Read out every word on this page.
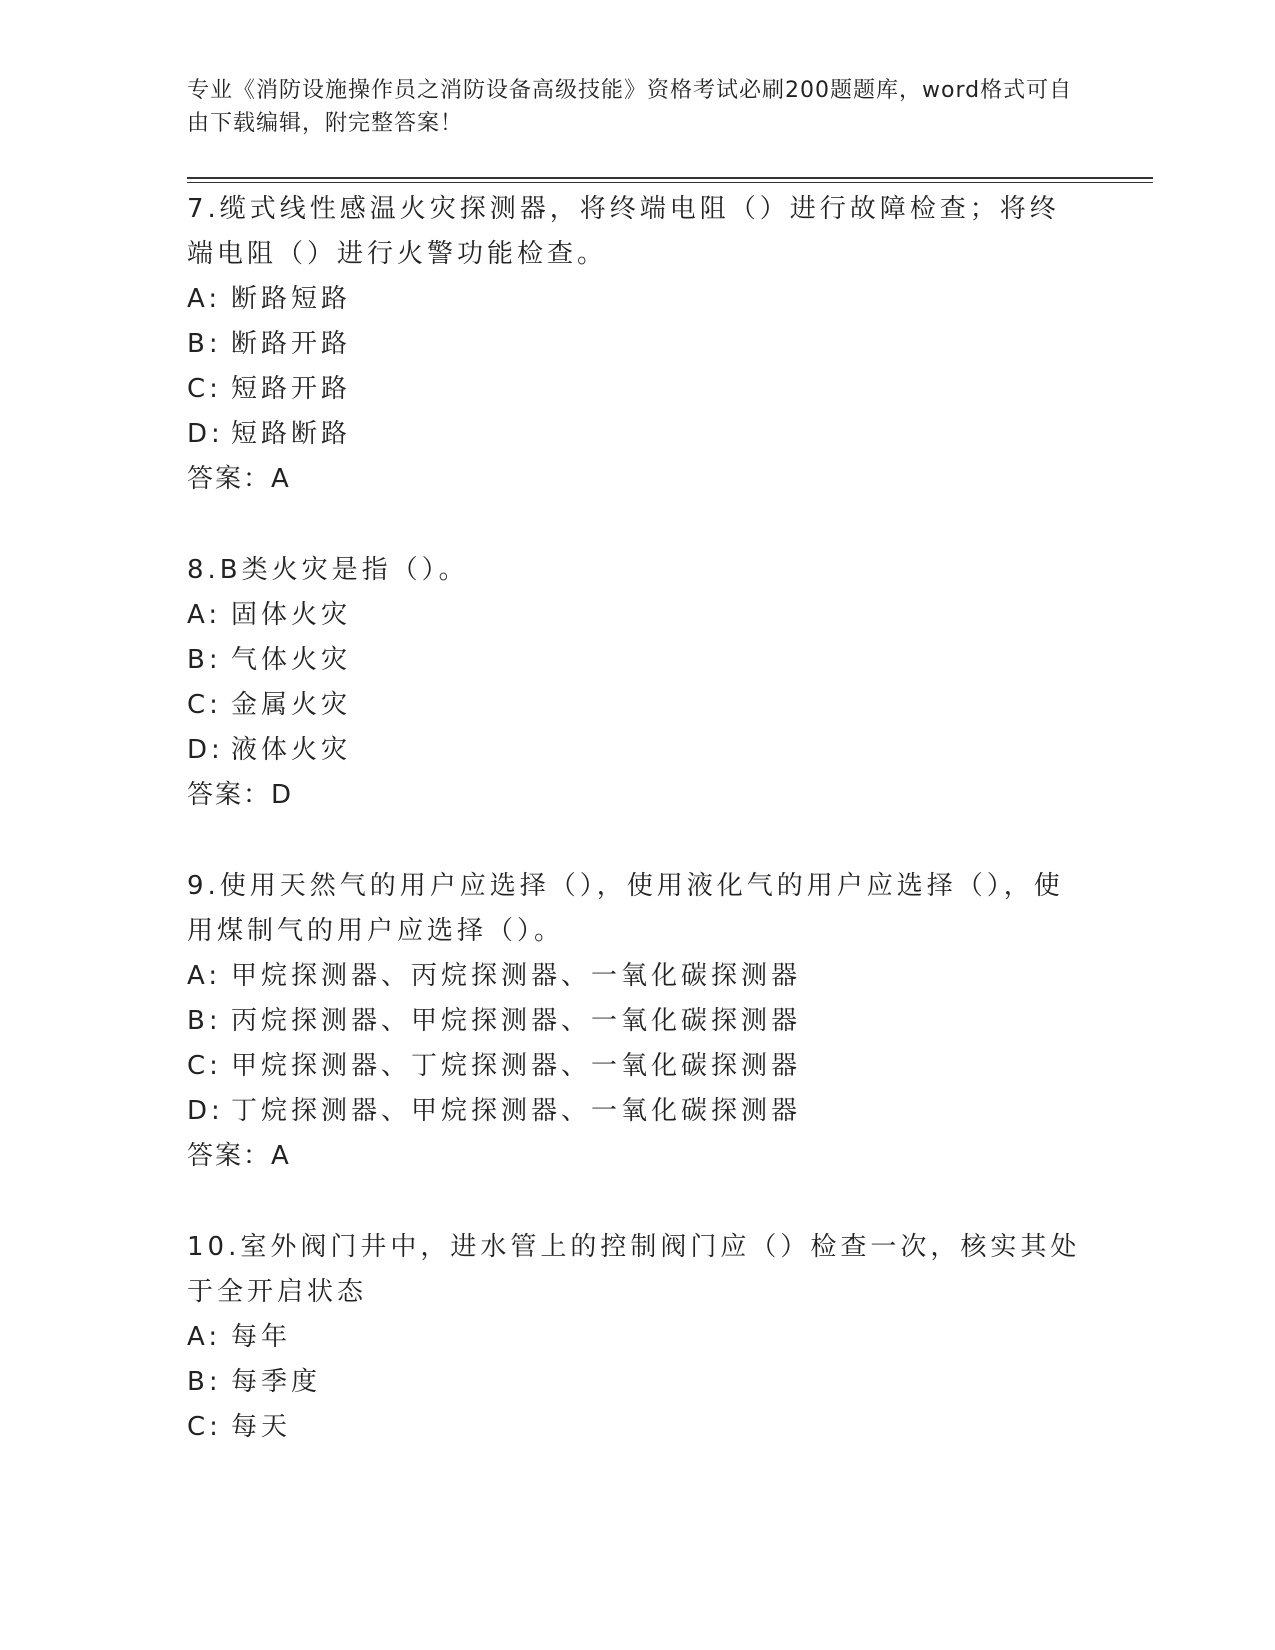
专业《消防设施操作员之消防设备高级技能》资格考试必刷200题题库，word格式可自由下载编辑，附完整答案！

7.缆式线性感温火灾探测器，将终端电阻（）进行故障检查；将终端电阻（）进行火警功能检查。

A: 断路短路
B: 断路开路
C: 短路开路
D: 短路断路

答案：A

8.B类火灾是指（）。

A: 固体火灾
B: 气体火灾
C: 金属火灾
D: 液体火灾

答案：D

9.使用天然气的用户应选择（），使用液化气的用户应选择（），使用煤制气的用户应选择（）。

A: 甲烷探测器、丙烷探测器、一氧化碳探测器
B: 丙烷探测器、甲烷探测器、一氧化碳探测器
C: 甲烷探测器、丁烷探测器、一氧化碳探测器
D: 丁烷探测器、甲烷探测器、一氧化碳探测器

答案：A

10.室外阀门井中，进水管上的控制阀门应（）检查一次，核实其处于全开启状态

A: 每年
B: 每季度
C: 每天
